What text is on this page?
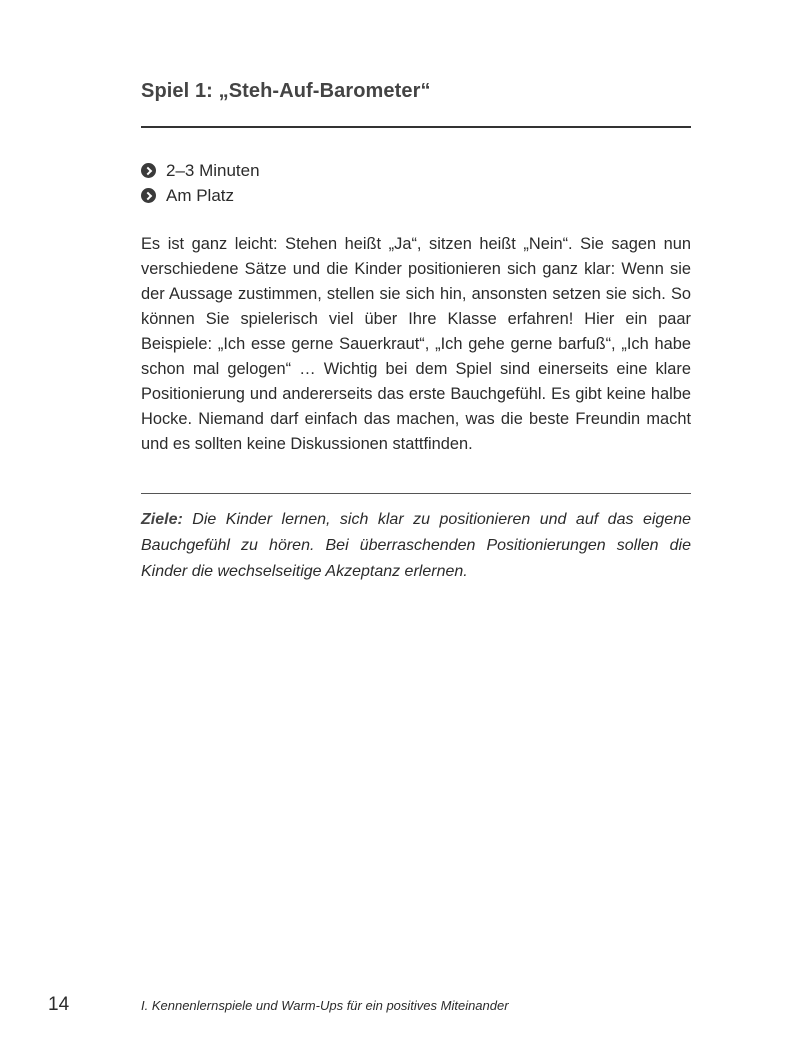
Spiel 1: „Steh-Auf-Barometer“
2–3 Minuten
Am Platz

Es ist ganz leicht: Stehen heißt „Ja“, sitzen heißt „Nein“. Sie sagen nun verschiedene Sätze und die Kinder positionieren sich ganz klar: Wenn sie der Aussage zustimmen, stellen sie sich hin, ansonsten setzen sie sich. So können Sie spielerisch viel über Ihre Klasse erfahren! Hier ein paar Beispiele: „Ich esse gerne Sauerkraut“, „Ich gehe gerne barfuß“, „Ich habe schon mal gelogen“ … Wichtig bei dem Spiel sind einerseits eine klare Positionierung und andererseits das erste Bauchgefühl. Es gibt keine halbe Hocke. Niemand darf einfach das machen, was die beste Freundin macht und es sollten keine Diskussionen stattfinden.

Ziele: Die Kinder lernen, sich klar zu positionieren und auf das eigene Bauchgefühl zu hören. Bei überraschenden Positionierungen sollen die Kinder die wechselseitige Akzeptanz erlernen.

14	I. Kennenlernspiele und Warm-Ups für ein positives Miteinander
